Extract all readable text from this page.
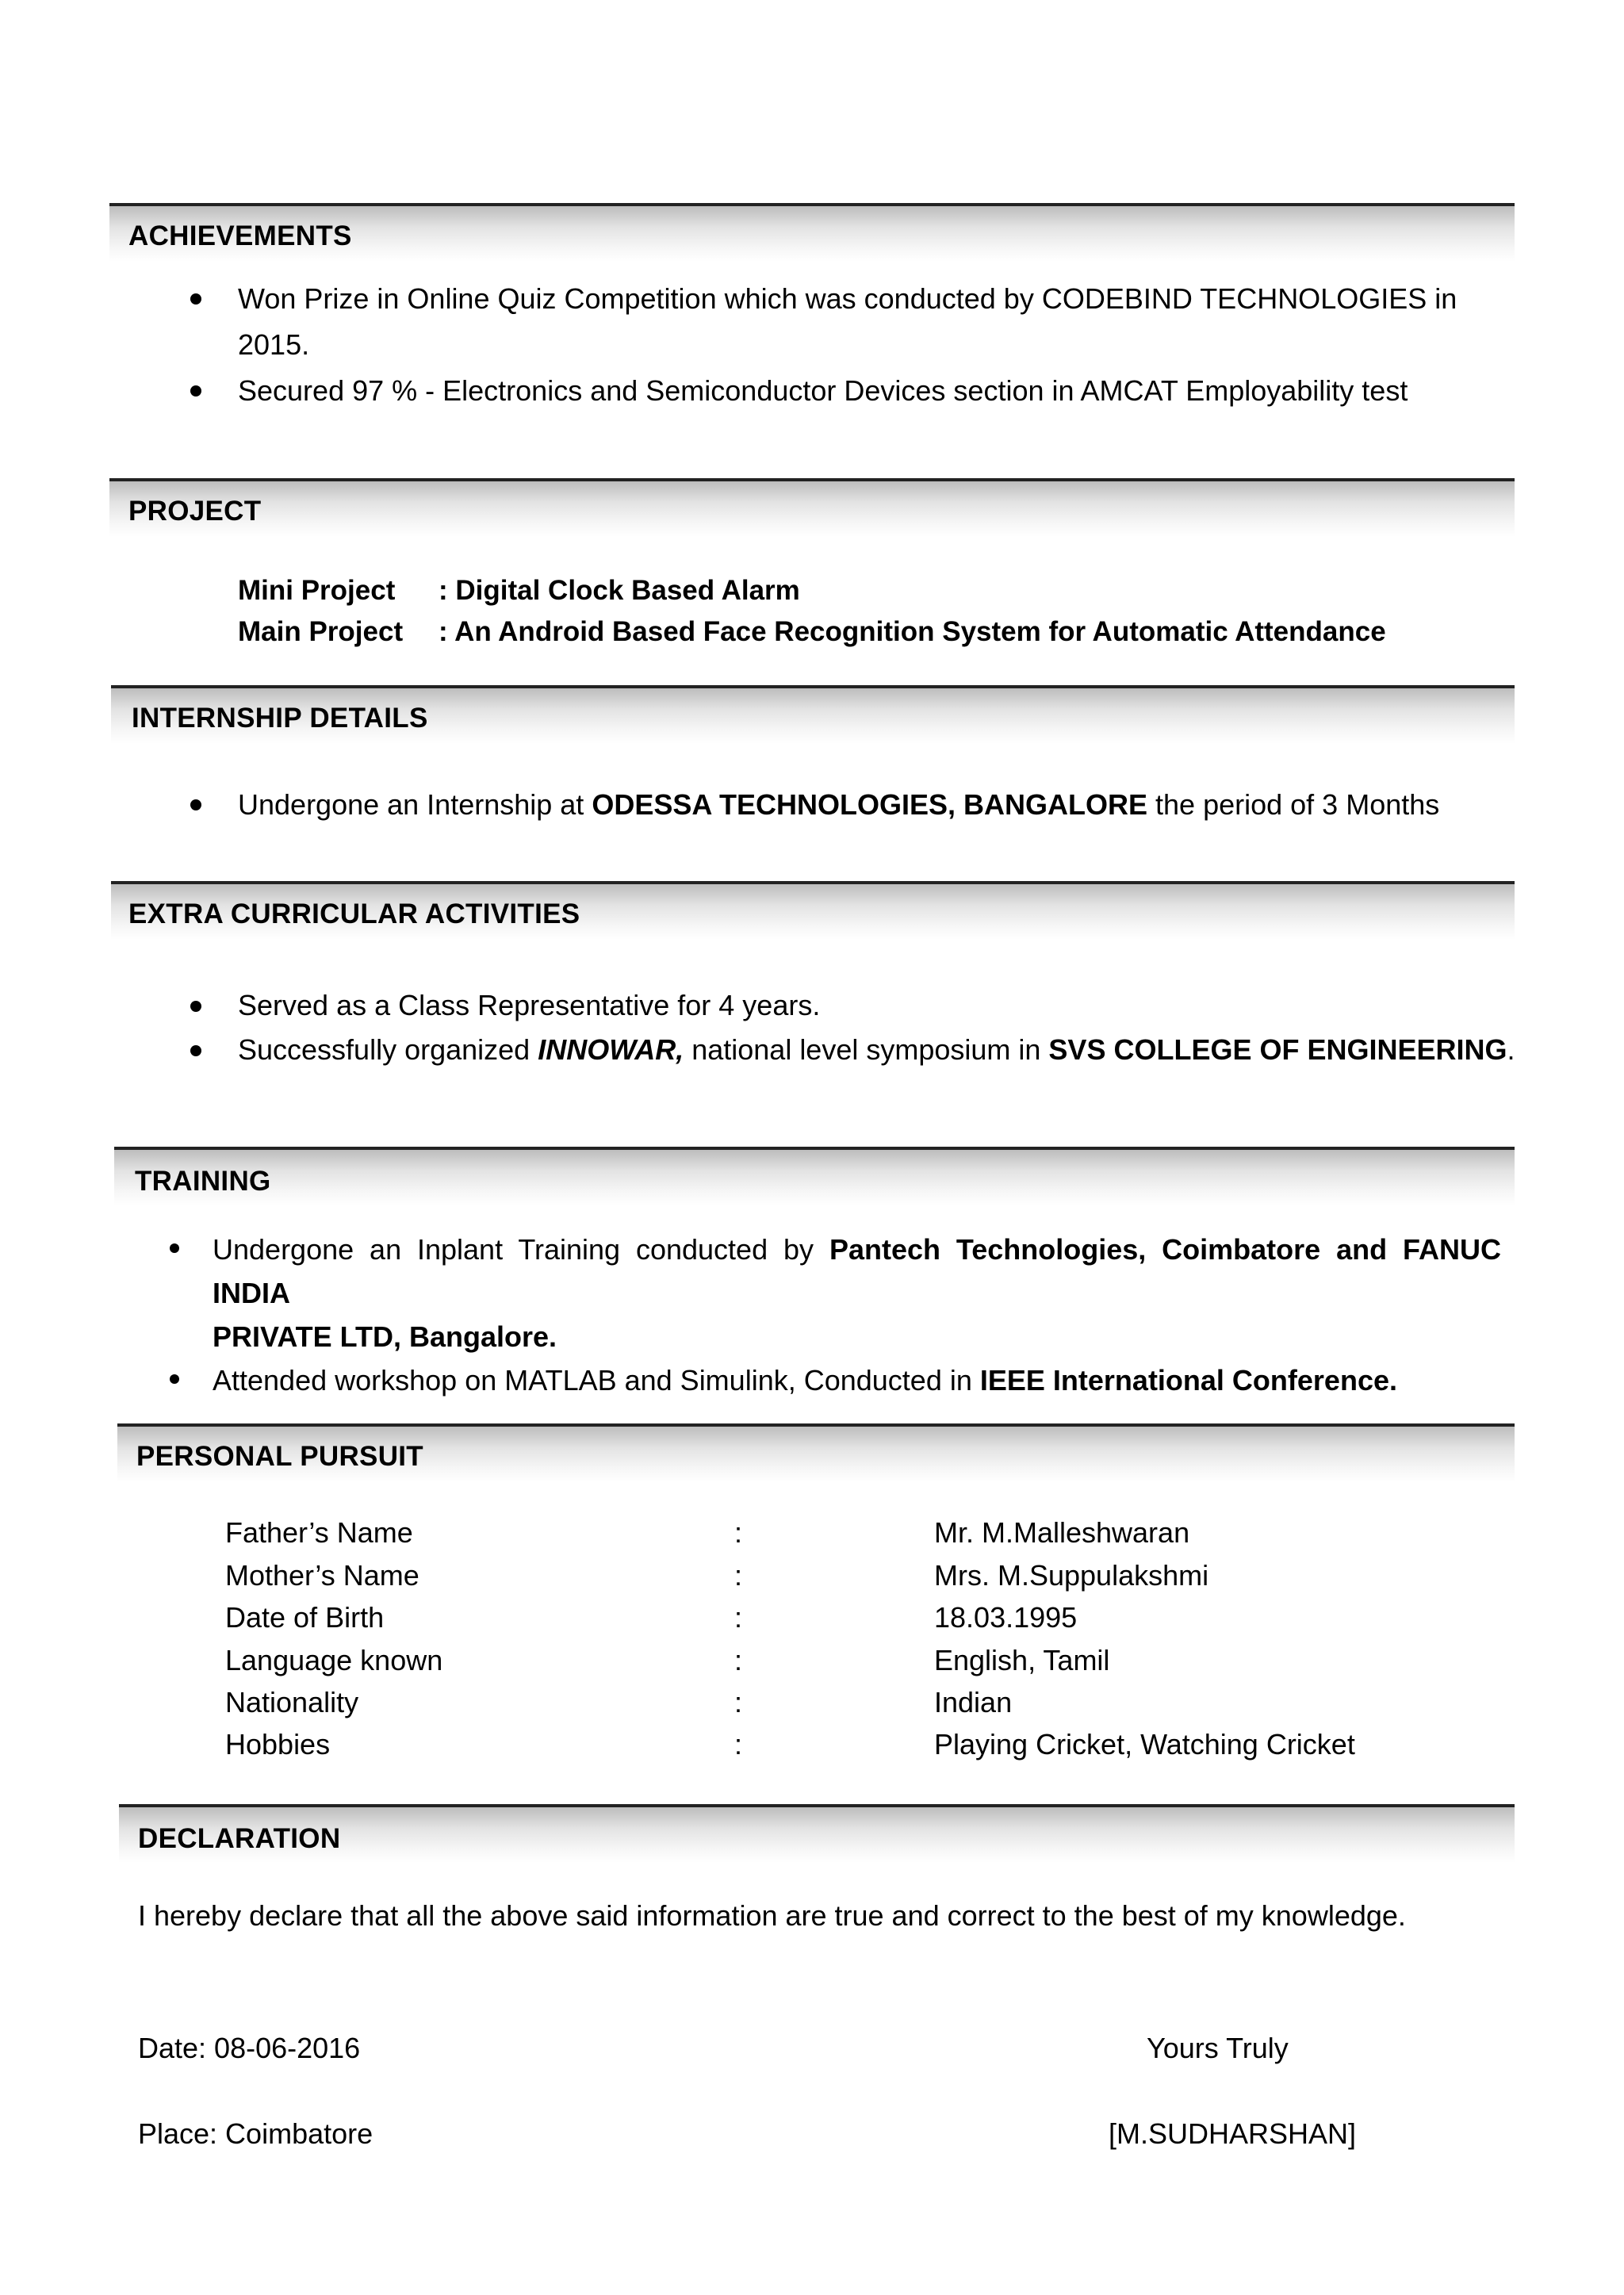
ACHIEVEMENTS
Won Prize in Online Quiz Competition which was conducted by CODEBIND TECHNOLOGIES in
2015.
Secured 97 % - Electronics and Semiconductor Devices section in AMCAT Employability test
PROJECT
Mini Project : Digital Clock Based Alarm
Main Project : An Android Based Face Recognition System for Automatic Attendance
INTERNSHIP DETAILS
Undergone an Internship at ODESSA TECHNOLOGIES, BANGALORE the period of 3 Months
EXTRA CURRICULAR ACTIVITIES
Served as a Class Representative for 4 years.
Successfully organized INNOWAR, national level symposium in SVS COLLEGE OF ENGINEERING.
TRAINING
Undergone an Inplant Training conducted by Pantech Technologies, Coimbatore and FANUC INDIA
PRIVATE LTD, Bangalore.
Attended workshop on MATLAB and Simulink, Conducted in IEEE International Conference.
PERSONAL PURSUIT
Father’s Name	:	Mr. M.Malleshwaran
Mother’s Name	:	Mrs. M.Suppulakshmi
Date of Birth	:	18.03.1995
Language known	:	English, Tamil
Nationality	:	Indian
Hobbies	:	Playing Cricket, Watching Cricket
DECLARATION
I hereby declare that all the above said information are true and correct to the best of my knowledge.
Date: 08-06-2016	Yours Truly
Place: Coimbatore	[M.SUDHARSHAN]
